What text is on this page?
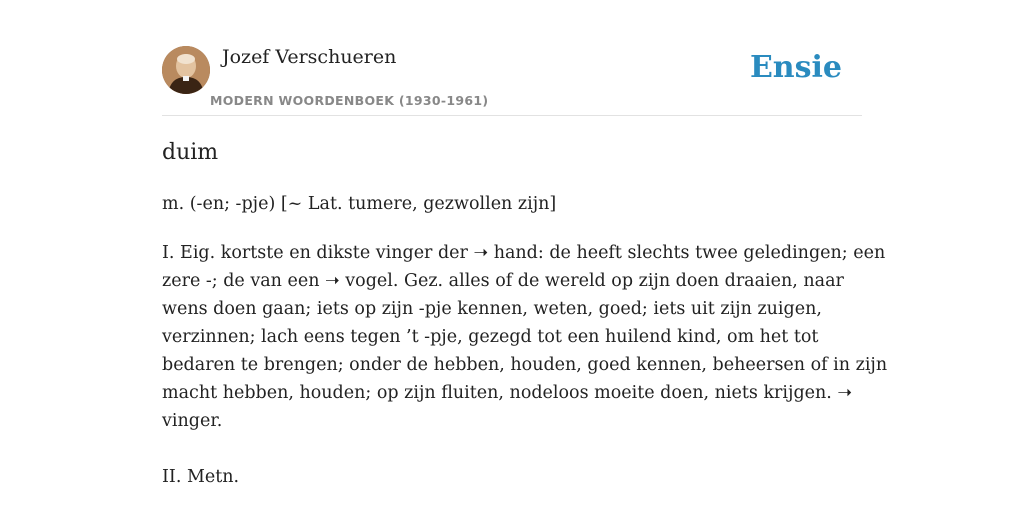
Jozef Verschueren
MODERN WOORDENBOEK (1930-1961)
Ensie
duim
m. (-en; -pje) [~ Lat. tumere, gezwollen zijn]
I. Eig. kortste en dikste vinger der ➝ hand: de heeft slechts twee geledingen; een
zere -; de van een ➝ vogel. Gez. alles of de wereld op zijn doen draaien, naar
wens doen gaan; iets op zijn -pje kennen, weten, goed; iets uit zijn zuigen,
verzinnen; lach eens tegen ’t -pje, gezegd tot een huilend kind, om het tot
bedaren te brengen; onder de hebben, houden, goed kennen, beheersen of in zijn
macht hebben, houden; op zijn fluiten, nodeloos moeite doen, niets krijgen. ➝
vinger.
II. Metn.
